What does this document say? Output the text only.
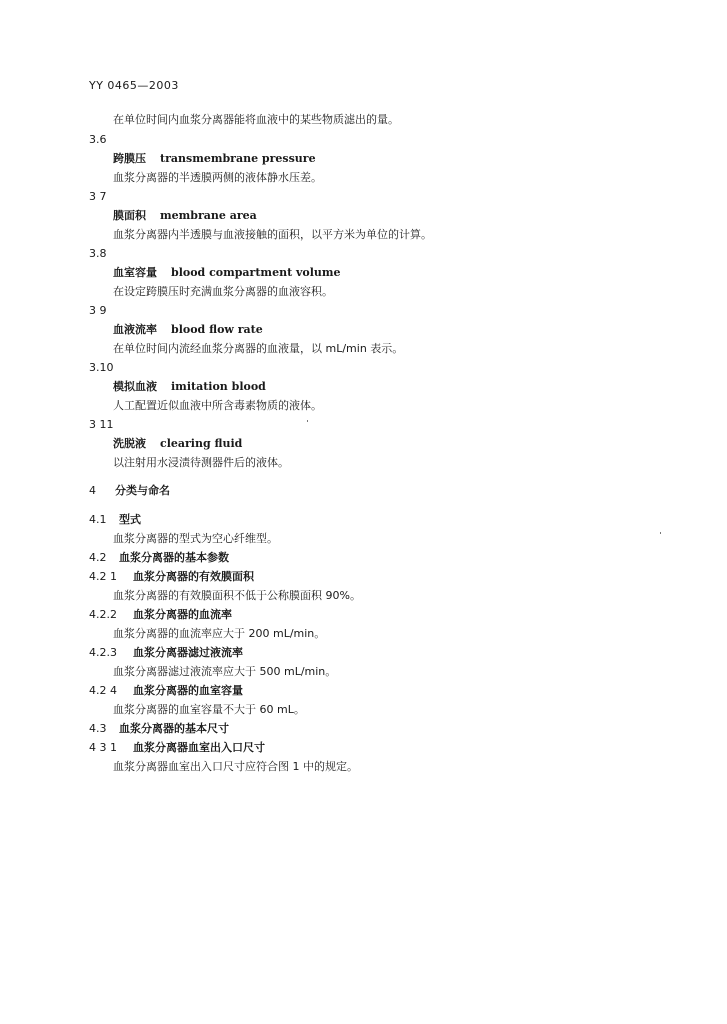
YY 0465—2003
在单位时间内血浆分离器能将血液中的某些物质滤出的量。
3.6
跨膜压 transmembrane pressure
血浆分离器的半透膜两侧的液体静水压差。
3 7
膜面积 membrane area
血浆分离器内半透膜与血液接触的面积，以平方米为单位的计算。
3.8
血室容量 blood compartment volume
在设定跨膜压时充满血浆分离器的血液容积。
3 9
血液流率 blood flow rate
在单位时间内流经血浆分离器的血液量，以 mL/min 表示。
3.10
模拟血液 imitation blood
人工配置近似血液中所含毒素物质的液体。
3 11
洗脱液 clearing fluid
以注射用水浸渍待测器件后的液体。
4 分类与命名
4.1 型式
血浆分离器的型式为空心纤维型。
4.2 血浆分离器的基本参数
4.2 1 血浆分离器的有效膜面积
血浆分离器的有效膜面积不低于公称膜面积 90%。
4.2.2 血浆分离器的血流率
血浆分离器的血流率应大于 200 mL/min。
4.2.3 血浆分离器滤过液流率
血浆分离器滤过液流率应大于 500 mL/min。
4.2 4 血浆分离器的血室容量
血浆分离器的血室容量不大于 60 mL。
4.3 血浆分离器的基本尺寸
4 3 1 血浆分离器血室出入口尺寸
血浆分离器血室出入口尺寸应符合图 1 中的规定。
